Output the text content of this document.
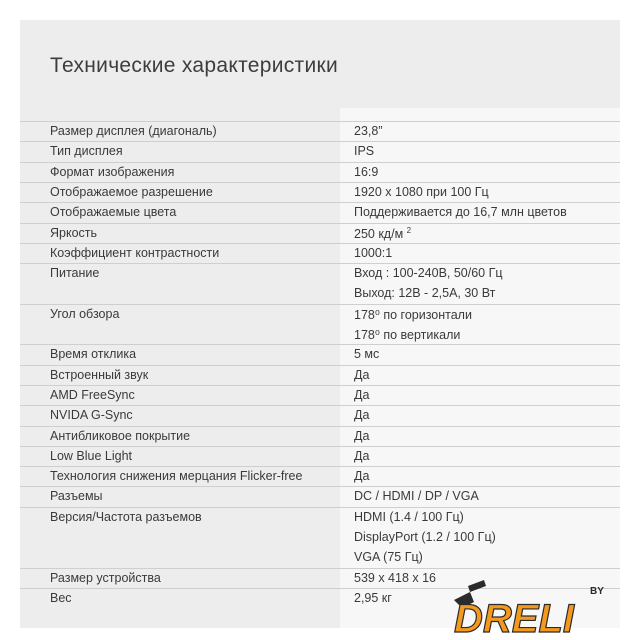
Технические характеристики
Размер дисплея (диагональ)	23,8”
Тип дисплея	IPS
Формат изображения	16:9
Отображаемое разрешение	1920 x 1080 при 100 Гц
Отображаемые цвета	Поддерживается до 16,7 млн цветов
Яркость	250 кд/м $^2$
Коэффициент контрастности	1000:1
Питание	Вход : 100-240В, 50/60 Гц
Выход: 12В - 2,5А, 30 Вт
Угол обзора	178⁰ по горизонтали
178⁰ по вертикали
Время отклика	5 мс
Встроенный звук	Да
AMD FreeSync	Да
NVIDA G-Sync	Да
Антибликовое покрытие	Да
Low Blue Light	Да
Технология снижения мерцания Flicker-free	Да
Разъемы	DC / HDMI / DP / VGA
Версия/Частота разъемов	HDMI (1.4 / 100 Гц)
DisplayPort (1.2 / 100 Гц)
VGA (75 Гц)
Размер устройства	539 x 418 x 16
Вес	2,95 кг DRELI
BY
